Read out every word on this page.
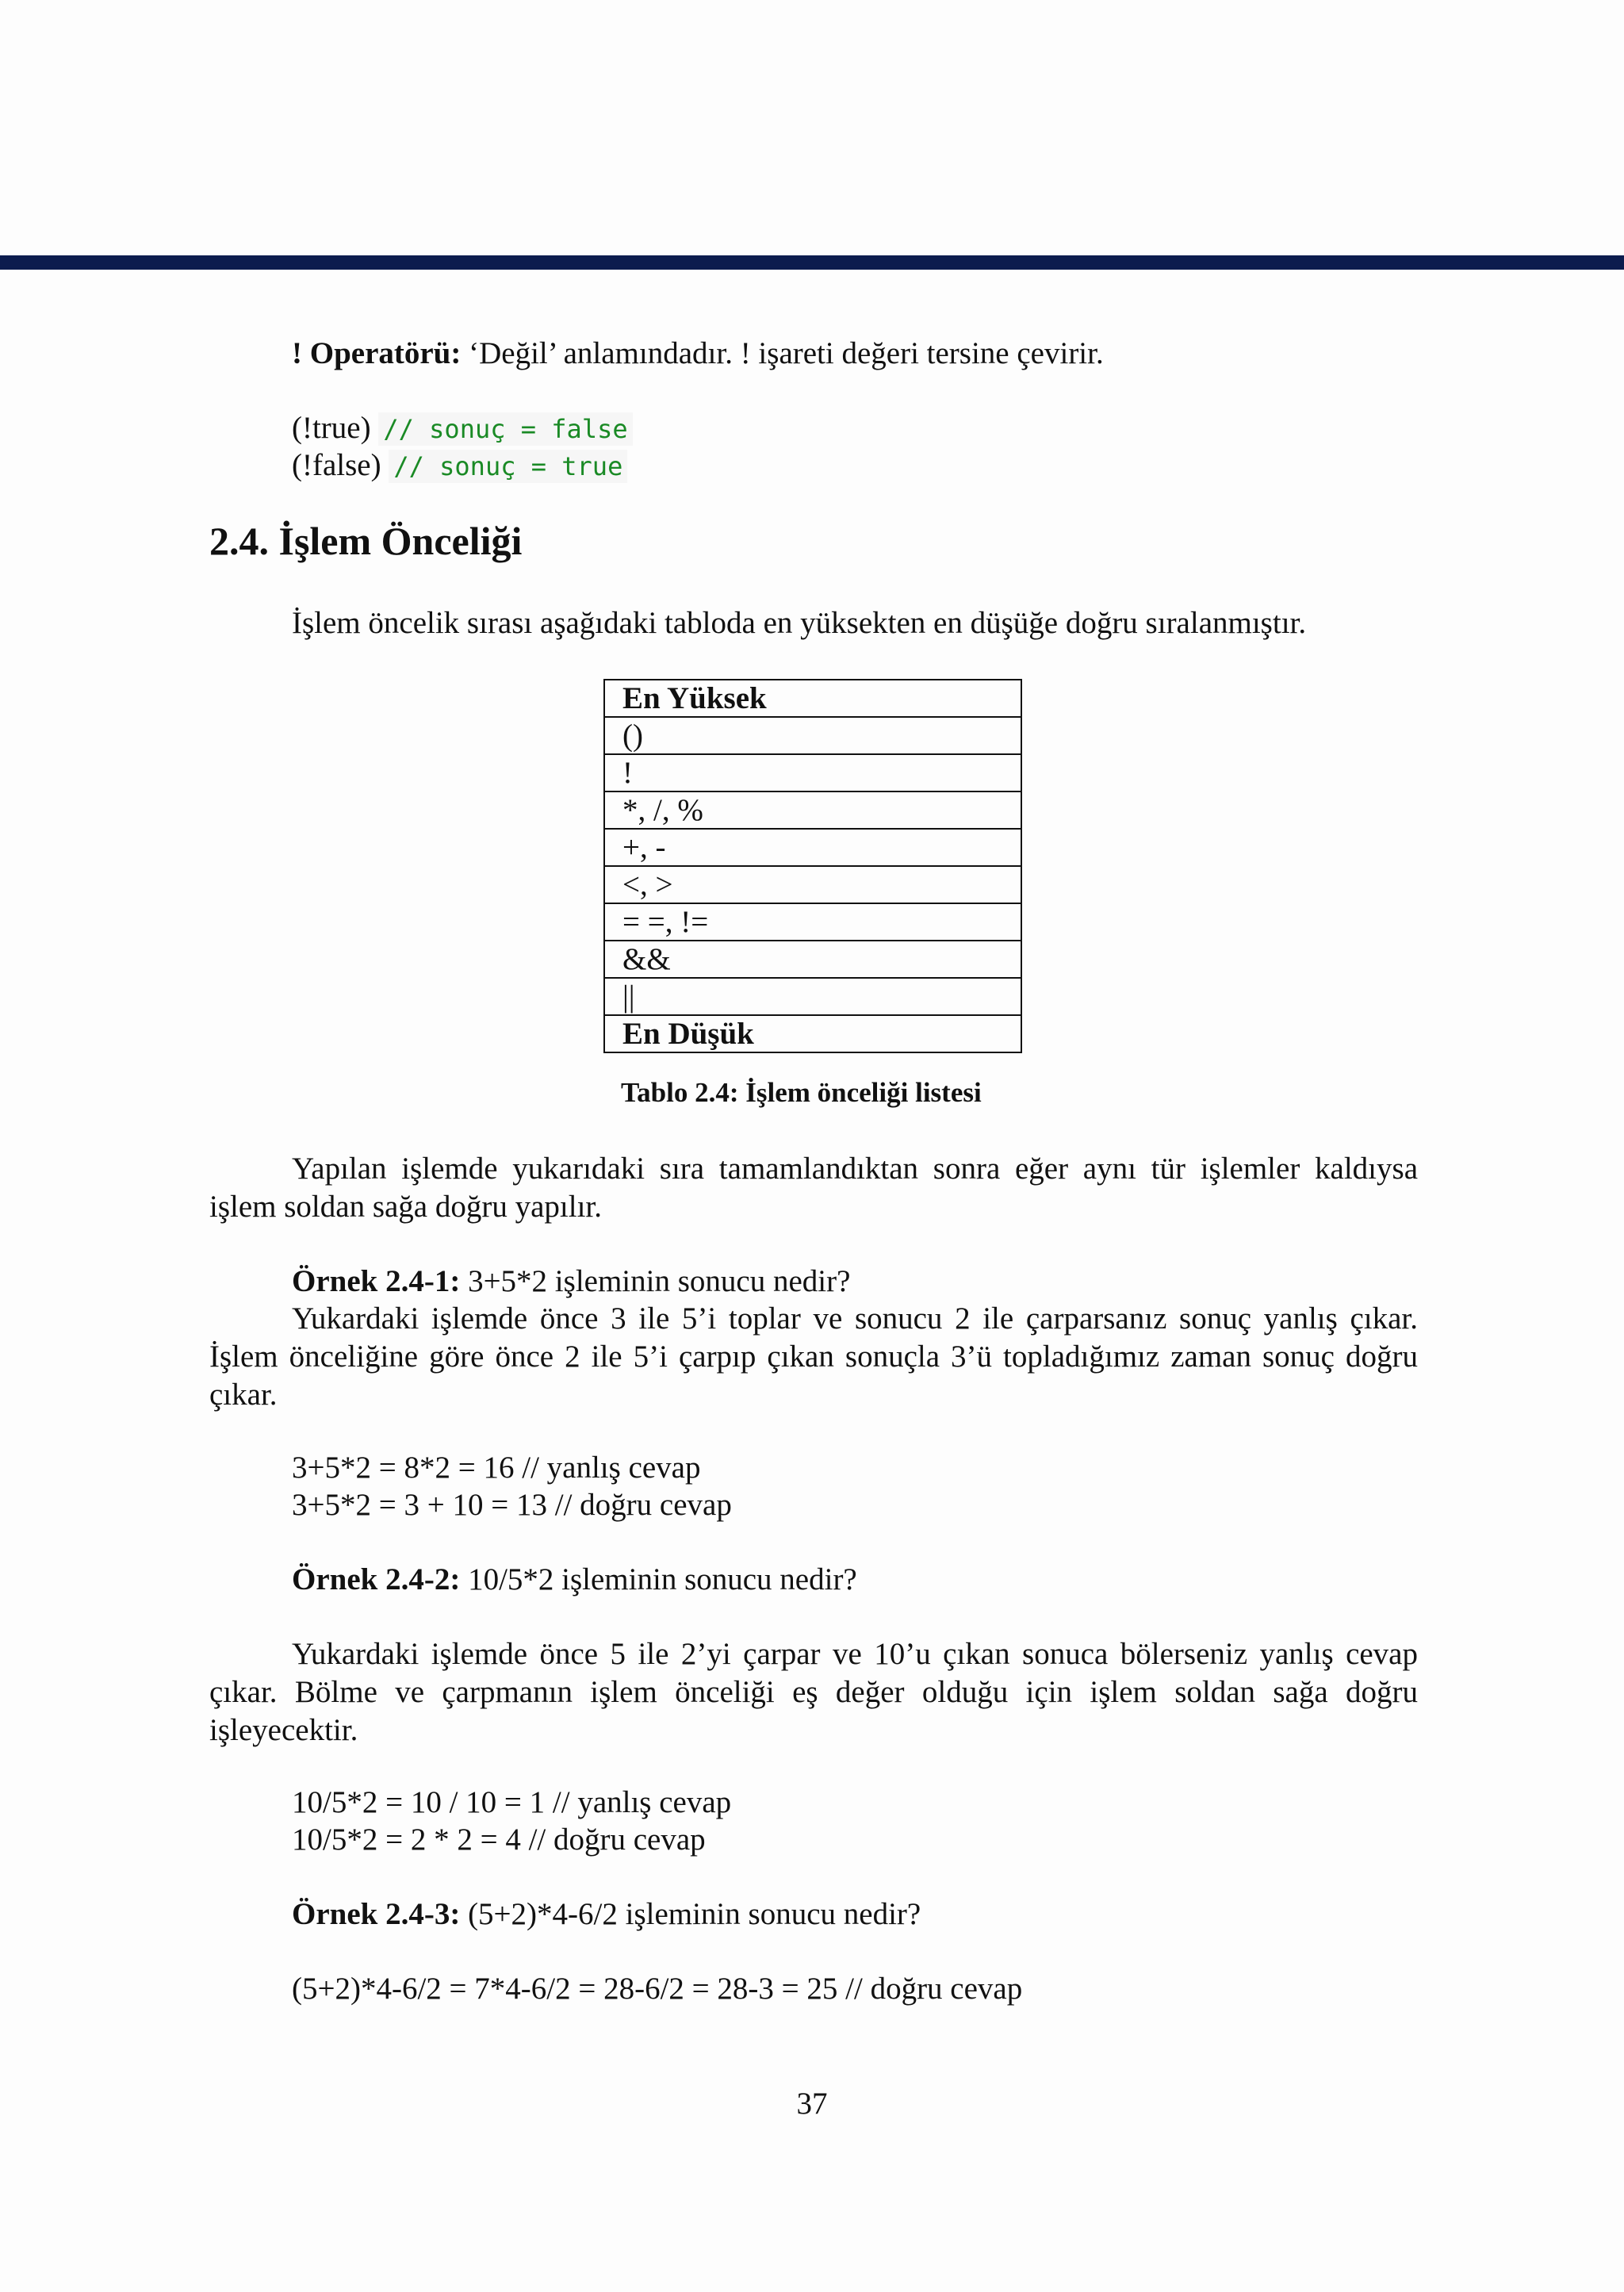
! Operatörü: ‘Değil’ anlamındadır. ! işareti değeri tersine çevirir.
(!true) // sonuç = false
(!false) // sonuç = true
2.4. İşlem Önceliği
İşlem öncelik sırası aşağıdaki tabloda en yüksekten en düşüğe doğru sıralanmıştır.
En Yüksek
()
!
*, /, %
+, -
<, >
= =, !=
&&
||
En Düşük
Tablo 2.4: İşlem önceliği listesi
Yapılan işlemde yukarıdaki sıra tamamlandıktan sonra eğer aynı tür işlemler kaldıysa işlem soldan sağa doğru yapılır.
Örnek 2.4-1: 3+5*2 işleminin sonucu nedir?
Yukardaki işlemde önce 3 ile 5’i toplar ve sonucu 2 ile çarparsanız sonuç yanlış çıkar. İşlem önceliğine göre önce 2 ile 5’i çarpıp çıkan sonuçla 3’ü topladığımız zaman sonuç doğru çıkar.
3+5*2 = 8*2 = 16 // yanlış cevap
3+5*2 = 3 + 10 = 13 // doğru cevap
Örnek 2.4-2: 10/5*2 işleminin sonucu nedir?
Yukardaki işlemde önce 5 ile 2’yi çarpar ve 10’u çıkan sonuca bölerseniz yanlış cevap çıkar. Bölme ve çarpmanın işlem önceliği eş değer olduğu için işlem soldan sağa doğru işleyecektir.
10/5*2 = 10 / 10 = 1 // yanlış cevap
10/5*2 = 2 * 2 = 4 // doğru cevap
Örnek 2.4-3: (5+2)*4-6/2 işleminin sonucu nedir?
(5+2)*4-6/2 = 7*4-6/2 = 28-6/2 = 28-3 = 25 // doğru cevap
37
